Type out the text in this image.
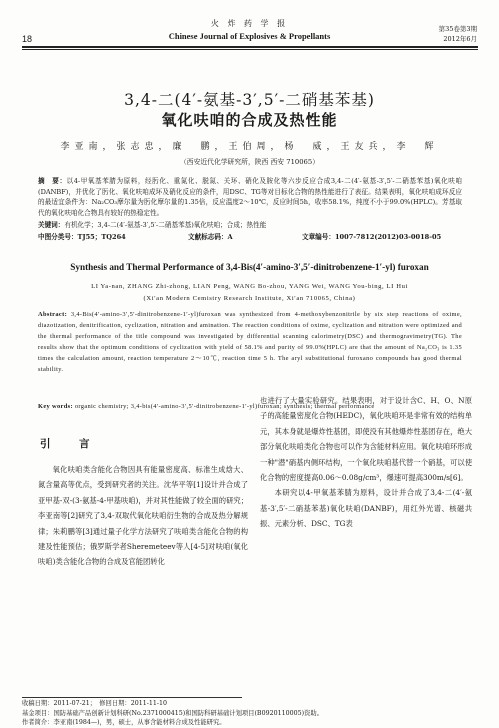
18
火 炸 药 学 报
Chinese Journal of Explosives & Propellants
第35卷第3期
2012年6月
3,4-二(4′-氨基-3′,5′-二硝基苯基)
氧化呋咱的合成及热性能
李亚南，张志忠，廉　鹏，王伯周，杨　威，王友兵，李　辉
（西安近代化学研究所，陕西 西安 710065）
摘　要：以4-甲氧基苯腈为原料，经肟化、重氮化、脱氮、关环、硝化及胺化等六步反应合成3,4-二(4′-氨基-3′,5′-二硝基苯基)氧化呋咱(DANBF)，并优化了肟化、氧化呋咱成环及硝化反应的条件，用DSC、TG等对目标化合物的热性能进行了表征。结果表明，氧化呋咱成环反应的最适宜条件为：Na₂CO₃摩尔量为肟化摩尔量的1.35倍，反应温度2～10℃，反应时间5h，收率58.1%，纯度不小于99.0%(HPLC)。芳基取代的氧化呋咱化合物具有较好的热稳定性。
关键词：有机化学；3,4-二(4′-氨基-3′,5′-二硝基苯基)氧化呋咱；合成；热性能
中图分类号：TJ55；TQ264	文献标志码：A	文章编号：1007-7812(2012)03-0018-05
Synthesis and Thermal Performance of 3,4-Bis(4′-amino-3′,5′-dinitrobenzene-1′-yl) furoxan
LI Ya-nan, ZHANG Zhi-zhong, LIAN Peng, WANG Bo-zhou, YANG Wei, WANG You-bing, LI Hui
(Xi′an Modern Cemistry Research Institute, Xi′an 710065, China)
Abstract: 3,4-Bis(4′-amino-3′,5′-dinitrobenzene-1′-yl)furoxan was synthesized from 4-methoxybenzonitrile by six step reactions of oxime, diazotization, denitrification, cyclization, nitration and amination. The reaction conditions of oxime, cyclization and nitration were optimized and the thermal performance of the title compound was investigated by differential scanning calorimetry(DSC) and thermogravimetry(TG). The results show that the optimum conditions of cyclization with yield of 58.1% and purity of 99.0%(HPLC) are that the amount of Na₂CO₃ is 1.35 times the calculation amount, reaction temperature 2～10℃, reaction time 5 h. The aryl substitutional furoxano compounds has good thermal stability.
Key words: organic chemistry; 3,4-bis(4′-amino-3′,5′-dinitrobenzene-1′-yl)furoxan; synthesis; thermal performance
引　言

氧化呋咱类含能化合物因具有能量密度高、标准生成焓大、氮含量高等优点，受到研究者的关注。沈华平等[1]设计并合成了亚甲基-双-(3-氨基-4-甲基呋咱)，并对其性能做了较全面的研究；李亚南等[2]研究了3,4-双取代氧化呋咱衍生物的合成及热分解规律；朱莉鹏等[3]通过量子化学方法研究了呋咱类含能化合物的构建及性能预估；俄罗斯学者Sheremeteev等人[4-5]对呋咱(氧化呋咱)类含能化合物的合成及官能团转化

也进行了大量实验研究。结果表明，对于设计含C、H、O、N原子的高能量密度化合物(HEDC)，氧化呋咱环是非常有效的结构单元，其本身就是爆炸性基团，即使没有其他爆炸性基团存在，绝大部分氧化呋咱类化合物也可以作为含能材料应用。氧化呋咱环形成一种"潜"硝基内侧环结构，一个氧化呋咱基代替一个硝基，可以使化合物的密度提高0.06～0.08g/cm³，爆速可提高300m/s[6]。

本研究以4-甲氧基苯腈为原料，设计并合成了3,4-二(4′-氨基-3′,5′-二硝基苯基)氧化呋咱(DANBF)，用红外光谱、核磁共振、元素分析、DSC、TG表

收稿日期：2011-07-21；　修回日期：2011-11-10
基金项目：国防基础产品创新计划科研(No.2371000415)和国防科研基础计划项目(B0920110005)资助。
作者简介：李亚南(1984—)，男，硕士，从事含能材料合成及性能研究。
